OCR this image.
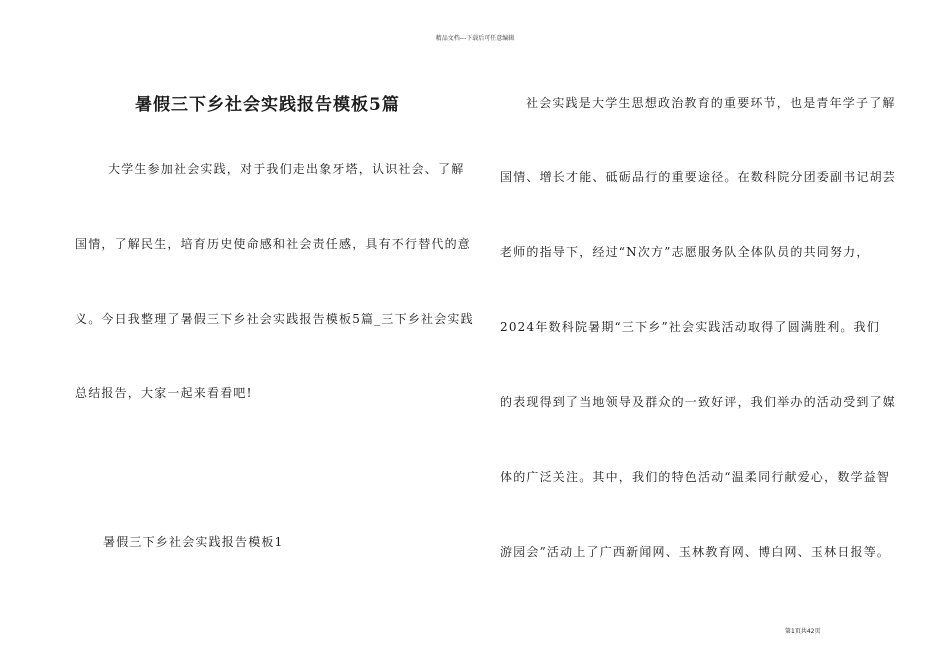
精品文档---下载后可任意编辑
暑假三下乡社会实践报告模板5篇
大学生参加社会实践，对于我们走出象牙塔，认识社会、了解
国情，了解民生，培育历史使命感和社会责任感，具有不行替代的意
义。今日我整理了暑假三下乡社会实践报告模板5篇_三下乡社会实践
总结报告，大家一起来看看吧!
暑假三下乡社会实践报告模板1
社会实践是大学生思想政治教育的重要环节，也是青年学子了解
国情、增长才能、砥砺品行的重要途径。在数科院分团委副书记胡芸
老师的指导下，经过“N次方”志愿服务队全体队员的共同努力，
2024年数科院暑期“三下乡”社会实践活动取得了圆满胜利。我们
的表现得到了当地领导及群众的一致好评，我们举办的活动受到了媒
体的广泛关注。其中，我们的特色活动“温柔同行献爱心，数学益智
游园会”活动上了广西新闻网、玉林教育网、博白网、玉林日报等。
第1页共42页
